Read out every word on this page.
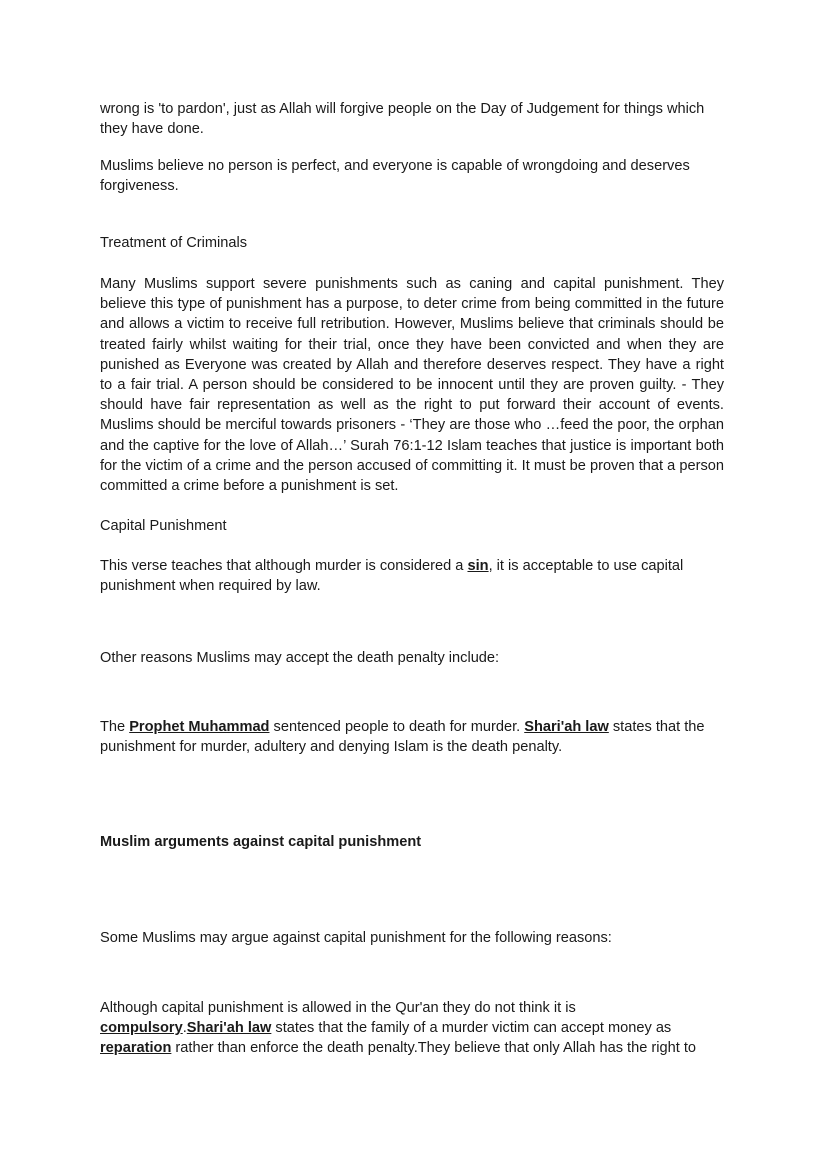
wrong is 'to pardon', just as Allah will forgive people on the Day of Judgement for things which they have done.

Muslims believe no person is perfect, and everyone is capable of wrongdoing and deserves forgiveness.

Treatment of Criminals

Many Muslims support severe punishments such as caning and capital punishment. They believe this type of punishment has a purpose, to deter crime from being committed in the future and allows a victim to receive full retribution. However, Muslims believe that criminals should be treated fairly whilst waiting for their trial, once they have been convicted and when they are punished as Everyone was created by Allah and therefore deserves respect. They have a right to a fair trial. A person should be considered to be innocent until they are proven guilty. - They should have fair representation as well as the right to put forward their account of events. Muslims should be merciful towards prisoners - ‘They are those who …feed the poor, the orphan and the captive for the love of Allah…’ Surah 76:1-12 Islam teaches that justice is important both for the victim of a crime and the person accused of committing it. It must be proven that a person committed a crime before a punishment is set.

Capital Punishment

This verse teaches that although murder is considered a sin, it is acceptable to use capital punishment when required by law.

Other reasons Muslims may accept the death penalty include:

The Prophet Muhammad sentenced people to death for murder. Shari'ah law states that the punishment for murder, adultery and denying Islam is the death penalty.

Muslim arguments against capital punishment

Some Muslims may argue against capital punishment for the following reasons:

Although capital punishment is allowed in the Qur'an they do not think it is
compulsory.Shari'ah law states that the family of a murder victim can accept money as
reparation rather than enforce the death penalty.They believe that only Allah has the right to
